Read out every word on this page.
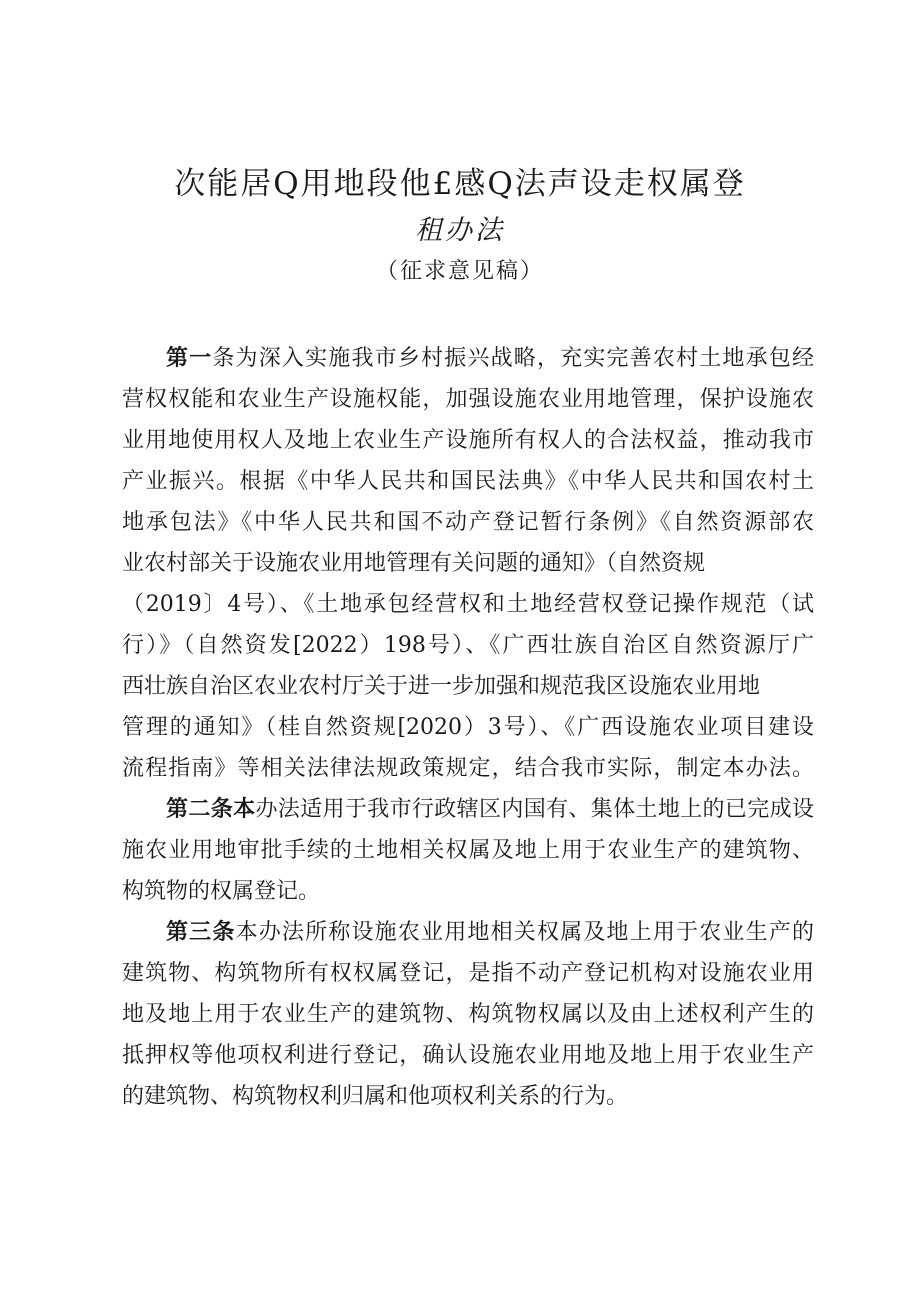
次能居Q用地段他£感Q法声设走权属登
租办法
（征求意见稿）
第一条为深入实施我市乡村振兴战略，充实完善农村土地承包经
营权权能和农业生产设施权能，加强设施农业用地管理，保护设施农
业用地使用权人及地上农业生产设施所有权人的合法权益，推动我市
产业振兴。根据《中华人民共和国民法典》《中华人民共和国农村土
地承包法》《中华人民共和国不动产登记暂行条例》《自然资源部农
业农村部关于设施农业用地管理有关问题的通知》（自然资规
（2019〕4号）、《土地承包经营权和土地经营权登记操作规范（试
行）》（自然资发[2022）198号）、《广西壮族自治区自然资源厅广
西壮族自治区农业农村厅关于进一步加强和规范我区设施农业用地
管理的通知》（桂自然资规[2020）3号）、《广西设施农业项目建设
流程指南》等相关法律法规政策规定，结合我市实际，制定本办法。
第二条本办法适用于我市行政辖区内国有、集体土地上的已完成设
施农业用地审批手续的土地相关权属及地上用于农业生产的建筑物、
构筑物的权属登记。
第三条本办法所称设施农业用地相关权属及地上用于农业生产的
建筑物、构筑物所有权权属登记，是指不动产登记机构对设施农业用
地及地上用于农业生产的建筑物、构筑物权属以及由上述权利产生的
抵押权等他项权利进行登记，确认设施农业用地及地上用于农业生产
的建筑物、构筑物权利归属和他项权利关系的行为。
